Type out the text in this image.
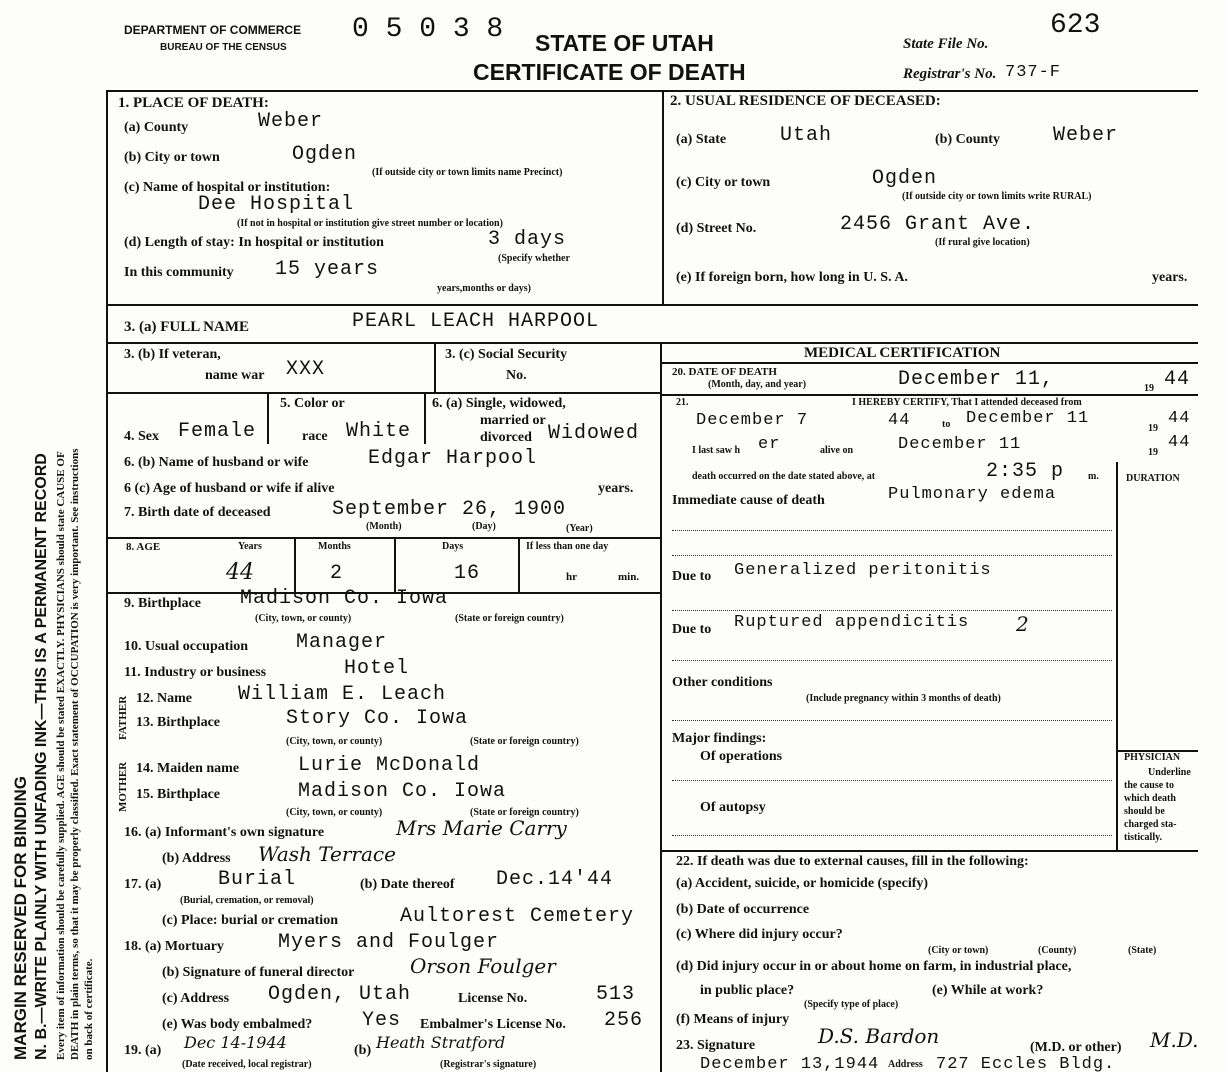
MARGIN RESERVED FOR BINDING N. B.—WRITE PLAINLY WITH UNFADING INK—THIS IS A PERMANENT RECORD Every item of information should be carefully supplied. AGE should be stated EXACTLY. PHYSICIANS should state CAUSE OF DEATH in plain terms, so that it may be properly classified. Exact statement of OCCUPATION is very important. See instructions on back of certificate.
DEPARTMENT OF COMMERCE
BUREAU OF THE CENSUS
0 5 0 3 8 STATE OF UTAH
CERTIFICATE OF DEATH
State File No.
623
Registrar's No. 737-F
1. PLACE OF DEATH:
(a) County	Weber
(b) City or town	Ogden
(If outside city or town limits name Precinct)
(c) Name of hospital or institution:
Dee Hospital
(If not in hospital or institution give street number or location)
(d) Length of stay: In hospital or institution	3 days
(Specify whether
In this community 15 years
years,months or days)
2. USUAL RESIDENCE OF DECEASED:
(a) State	Utah	(b) County	Weber
(c) City or town	Ogden
(If outside city or town limits write RURAL)
(d) Street No.	2456 Grant Ave.
(If rural give location)
(e) If foreign born, how long in U. S. A.	years.
3. (a) FULL NAME	PEARL LEACH HARPOOL
3. (b) If veteran,
name war XXX
3. (c) Social Security
No.
4. Sex Female
5. Color or
race White
6. (a) Single, widowed,
married or
divorced Widowed
6. (b) Name of husband or wife	Edgar Harpool
6 (c) Age of husband or wife if alive	years.
7. Birth date of deceased	September 26, 1900
(Month)	(Day)	(Year)
8. AGE	Years	Months	Days	If less than one day
44	2	16	hr	min.
9. Birthplace Madison Co. Iowa
(City, town, or county)	(State or foreign country)
10. Usual occupation Manager
11. Industry or business	Hotel
FATHER
MOTHER
12. Name William E. Leach
13. Birthplace	Story Co. Iowa
(City, town, or county)	(State or foreign country)
14. Maiden name	Lurie McDonald
15. Birthplace	Madison Co. Iowa
(City, town, or county)	(State or foreign country)
16. (a) Informant's own signature	Mrs Marie Carry
(b) Address Wash Terrace
17. (a)	Burial	(b) Date thereof Dec.14'44
(Burial, cremation, or removal)
(c) Place: burial or cremation	Aultorest Cemetery
18. (a) Mortuary	Myers and Foulger
(b) Signature of funeral director	Orson Foulger
(c) Address Ogden, Utah	License No.	513
(e) Was body embalmed? Yes Embalmer's License No. 256
19. (a) Dec 14-1944	(b) Heath Stratford
(Date received, local registrar)	(Registrar's signature)
MEDICAL CERTIFICATION
20. DATE OF DEATH
(Month, day, and year)	December 11,	19 44
21.	I HEREBY CERTIFY, That I attended deceased from
December 7	44	to December 11
19
44
I last saw h er	alive on	December 11	19
44
death occurred on the date stated above, at	2:35 p m.	DURATION
Immediate cause of death	Pulmonary edema
Due to Generalized peritonitis
Due to Ruptured appendicitis 2
Other conditions
(Include pregnancy within 3 months of death)
Major findings:
Of operations
Of autopsy
PHYSICIAN
Underline
the cause to
which death
should be
charged sta-
tistically.
22. If death was due to external causes, fill in the following:
(a) Accident, suicide, or homicide (specify)
(b) Date of occurrence
(c) Where did injury occur?
(City or town)	(County)	(State)
(d) Did injury occur in or about home on farm, in industrial place,
in public place?
(Specify type of place)
(e) While at work?
(f) Means of injury
23. Signature	D.S. Bardon	(M.D. or other) M.D.
December 13,1944 Address 727 Eccles Bldg.
